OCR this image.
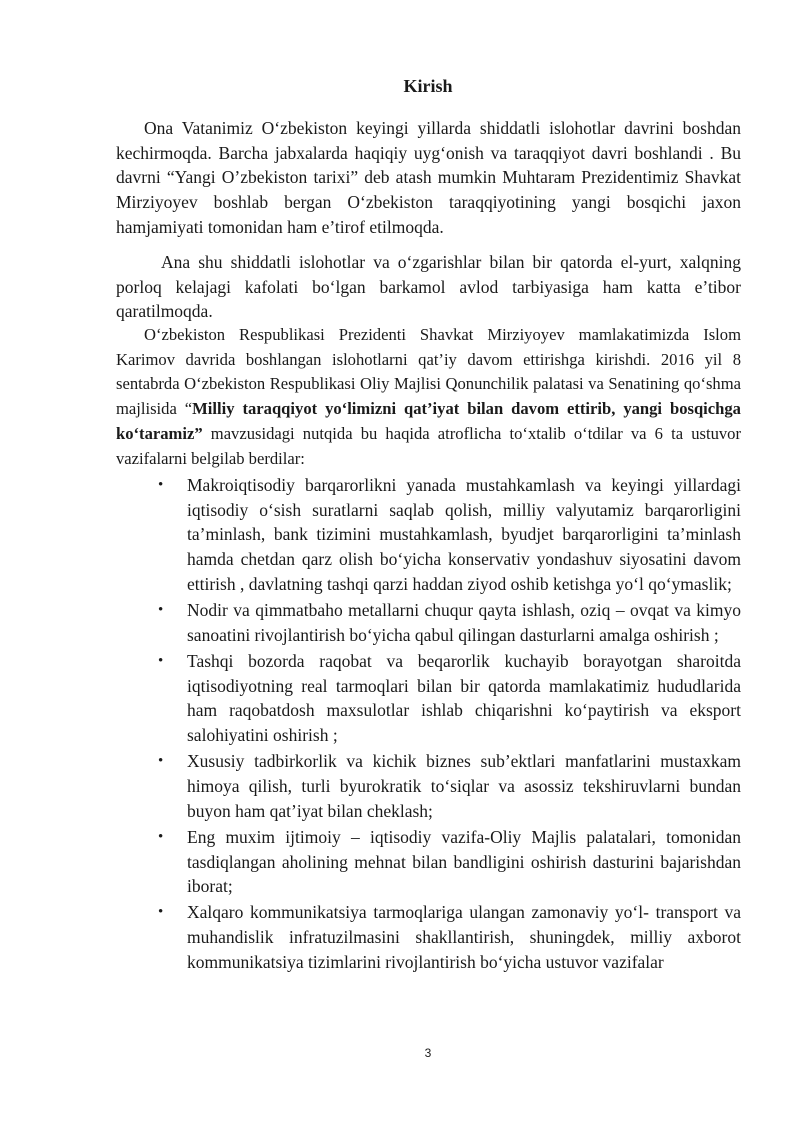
Kirish

Ona Vatanimiz O‘zbekiston keyingi yillarda shiddatli islohotlar davrini boshdan kechirmoqda. Barcha jabxalarda haqiqiy uyg‘onish va taraqqiyot davri boshlandi . Bu davrni “Yangi O’zbekiston tarixi” deb atash mumkin Muhtaram Prezidentimiz Shavkat Mirziyoyev boshlab bergan O‘zbekiston taraqqiyotining yangi bosqichi jaxon hamjamiyati tomonidan ham e’tirof etilmoqda.

Ana shu shiddatli islohotlar va o‘zgarishlar bilan bir qatorda el-yurt, xalqning porloq kelajagi kafolati bo‘lgan barkamol avlod tarbiyasiga ham katta e’tibor qaratilmoqda.

O‘zbekiston Respublikasi Prezidenti Shavkat Mirziyoyev mamlakatimizda Islom Karimov davrida boshlangan islohotlarni qat’iy davom ettirishga kirishdi. 2016 yil 8 sentabrda O‘zbekiston Respublikasi Oliy Majlisi Qonunchilik palatasi va Senatining qo‘shma majlisida “Milliy taraqqiyot yo‘limizni qat’iyat bilan davom ettirib, yangi bosqichga ko‘taramiz” mavzusidagi nutqida bu haqida atroflicha to‘xtalib o‘tdilar va 6 ta ustuvor vazifalarni belgilab berdilar:

• Makroiqtisodiy barqarorlikni yanada mustahkamlash va keyingi yillardagi iqtisodiy o‘sish suratlarni saqlab qolish, milliy valyutamiz barqarorligini ta’minlash, bank tizimini mustahkamlash, byudjet barqarorligini ta’minlash hamda chetdan qarz olish bo‘yicha konservativ yondashuv siyosatini davom ettirish , davlatning tashqi qarzi haddan ziyod oshib ketishga yo‘l qo‘ymaslik;
• Nodir va qimmatbaho metallarni chuqur qayta ishlash, oziq – ovqat va kimyo sanoatini rivojlantirish bo‘yicha qabul qilingan dasturlarni amalga oshirish ;
• Tashqi bozorda raqobat va beqarorlik kuchayib borayotgan sharoitda iqtisodiyotning real tarmoqlari bilan bir qatorda mamlakatimiz hududlarida ham raqobatdosh maxsulotlar ishlab chiqarishni ko‘paytirish va eksport salohiyatini oshirish ;
• Xususiy tadbirkorlik va kichik biznes sub’ektlari manfatlarini mustaxkam himoya qilish, turli byurokratik to‘siqlar va asossiz tekshiruvlarni bundan buyon ham qat’iyat bilan cheklash;
• Eng muxim ijtimoiy – iqtisodiy vazifa-Oliy Majlis palatalari, tomonidan tasdiqlangan aholining mehnat bilan bandligini oshirish dasturini bajarishdan iborat;
• Xalqaro kommunikatsiya tarmoqlariga ulangan zamonaviy yo‘l- transport va muhandislik infratuzilmasini shakllantirish, shuningdek, milliy axborot kommunikatsiya tizimlarini rivojlantirish bo‘yicha ustuvor vazifalar
3
